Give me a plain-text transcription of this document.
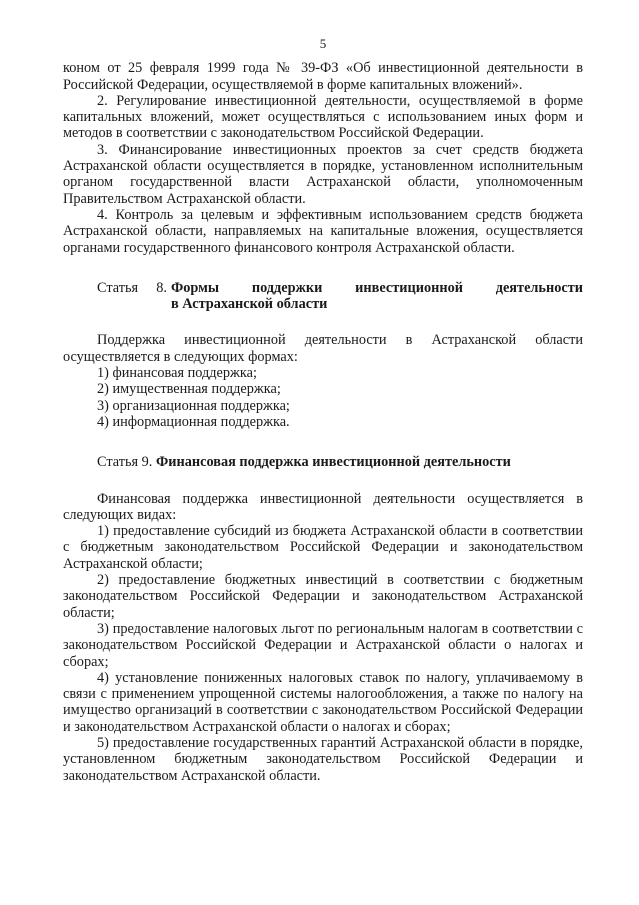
5

коном от 25 февраля 1999 года № 39-ФЗ «Об инвестиционной деятельности в Российской Федерации, осуществляемой в форме капитальных вложений».

2. Регулирование инвестиционной деятельности, осуществляемой в форме капитальных вложений, может осуществляться с использованием иных форм и методов в соответствии с законодательством Российской Федерации.

3. Финансирование инвестиционных проектов за счет средств бюджета Астраханской области осуществляется в порядке, установленном исполнительным органом государственной власти Астраханской области, уполномоченным Правительством Астраханской области.

4. Контроль за целевым и эффективным использованием средств бюджета Астраханской области, направляемых на капитальные вложения, осуществляется органами государственного финансового контроля Астраханской области.

Статья 8. Формы поддержки инвестиционной деятельности
в Астраханской области

Поддержка инвестиционной деятельности в Астраханской области осуществляется в следующих формах:

1) финансовая поддержка;
2) имущественная поддержка;
3) организационная поддержка;
4) информационная поддержка.
Статья 9. Финансовая поддержка инвестиционной деятельности

Финансовая поддержка инвестиционной деятельности осуществляется в следующих видах:

1) предоставление субсидий из бюджета Астраханской области в соответствии с бюджетным законодательством Российской Федерации и законодательством Астраханской области;

2) предоставление бюджетных инвестиций в соответствии с бюджетным законодательством Российской Федерации и законодательством Астраханской области;

3) предоставление налоговых льгот по региональным налогам в соответствии с законодательством Российской Федерации и Астраханской области о налогах и сборах;

4) установление пониженных налоговых ставок по налогу, уплачиваемому в связи с применением упрощенной системы налогообложения, а также по налогу на имущество организаций в соответствии с законодательством Российской Федерации и законодательством Астраханской области о налогах и сборах;

5) предоставление государственных гарантий Астраханской области в порядке, установленном бюджетным законодательством Российской Федерации и законодательством Астраханской области.
